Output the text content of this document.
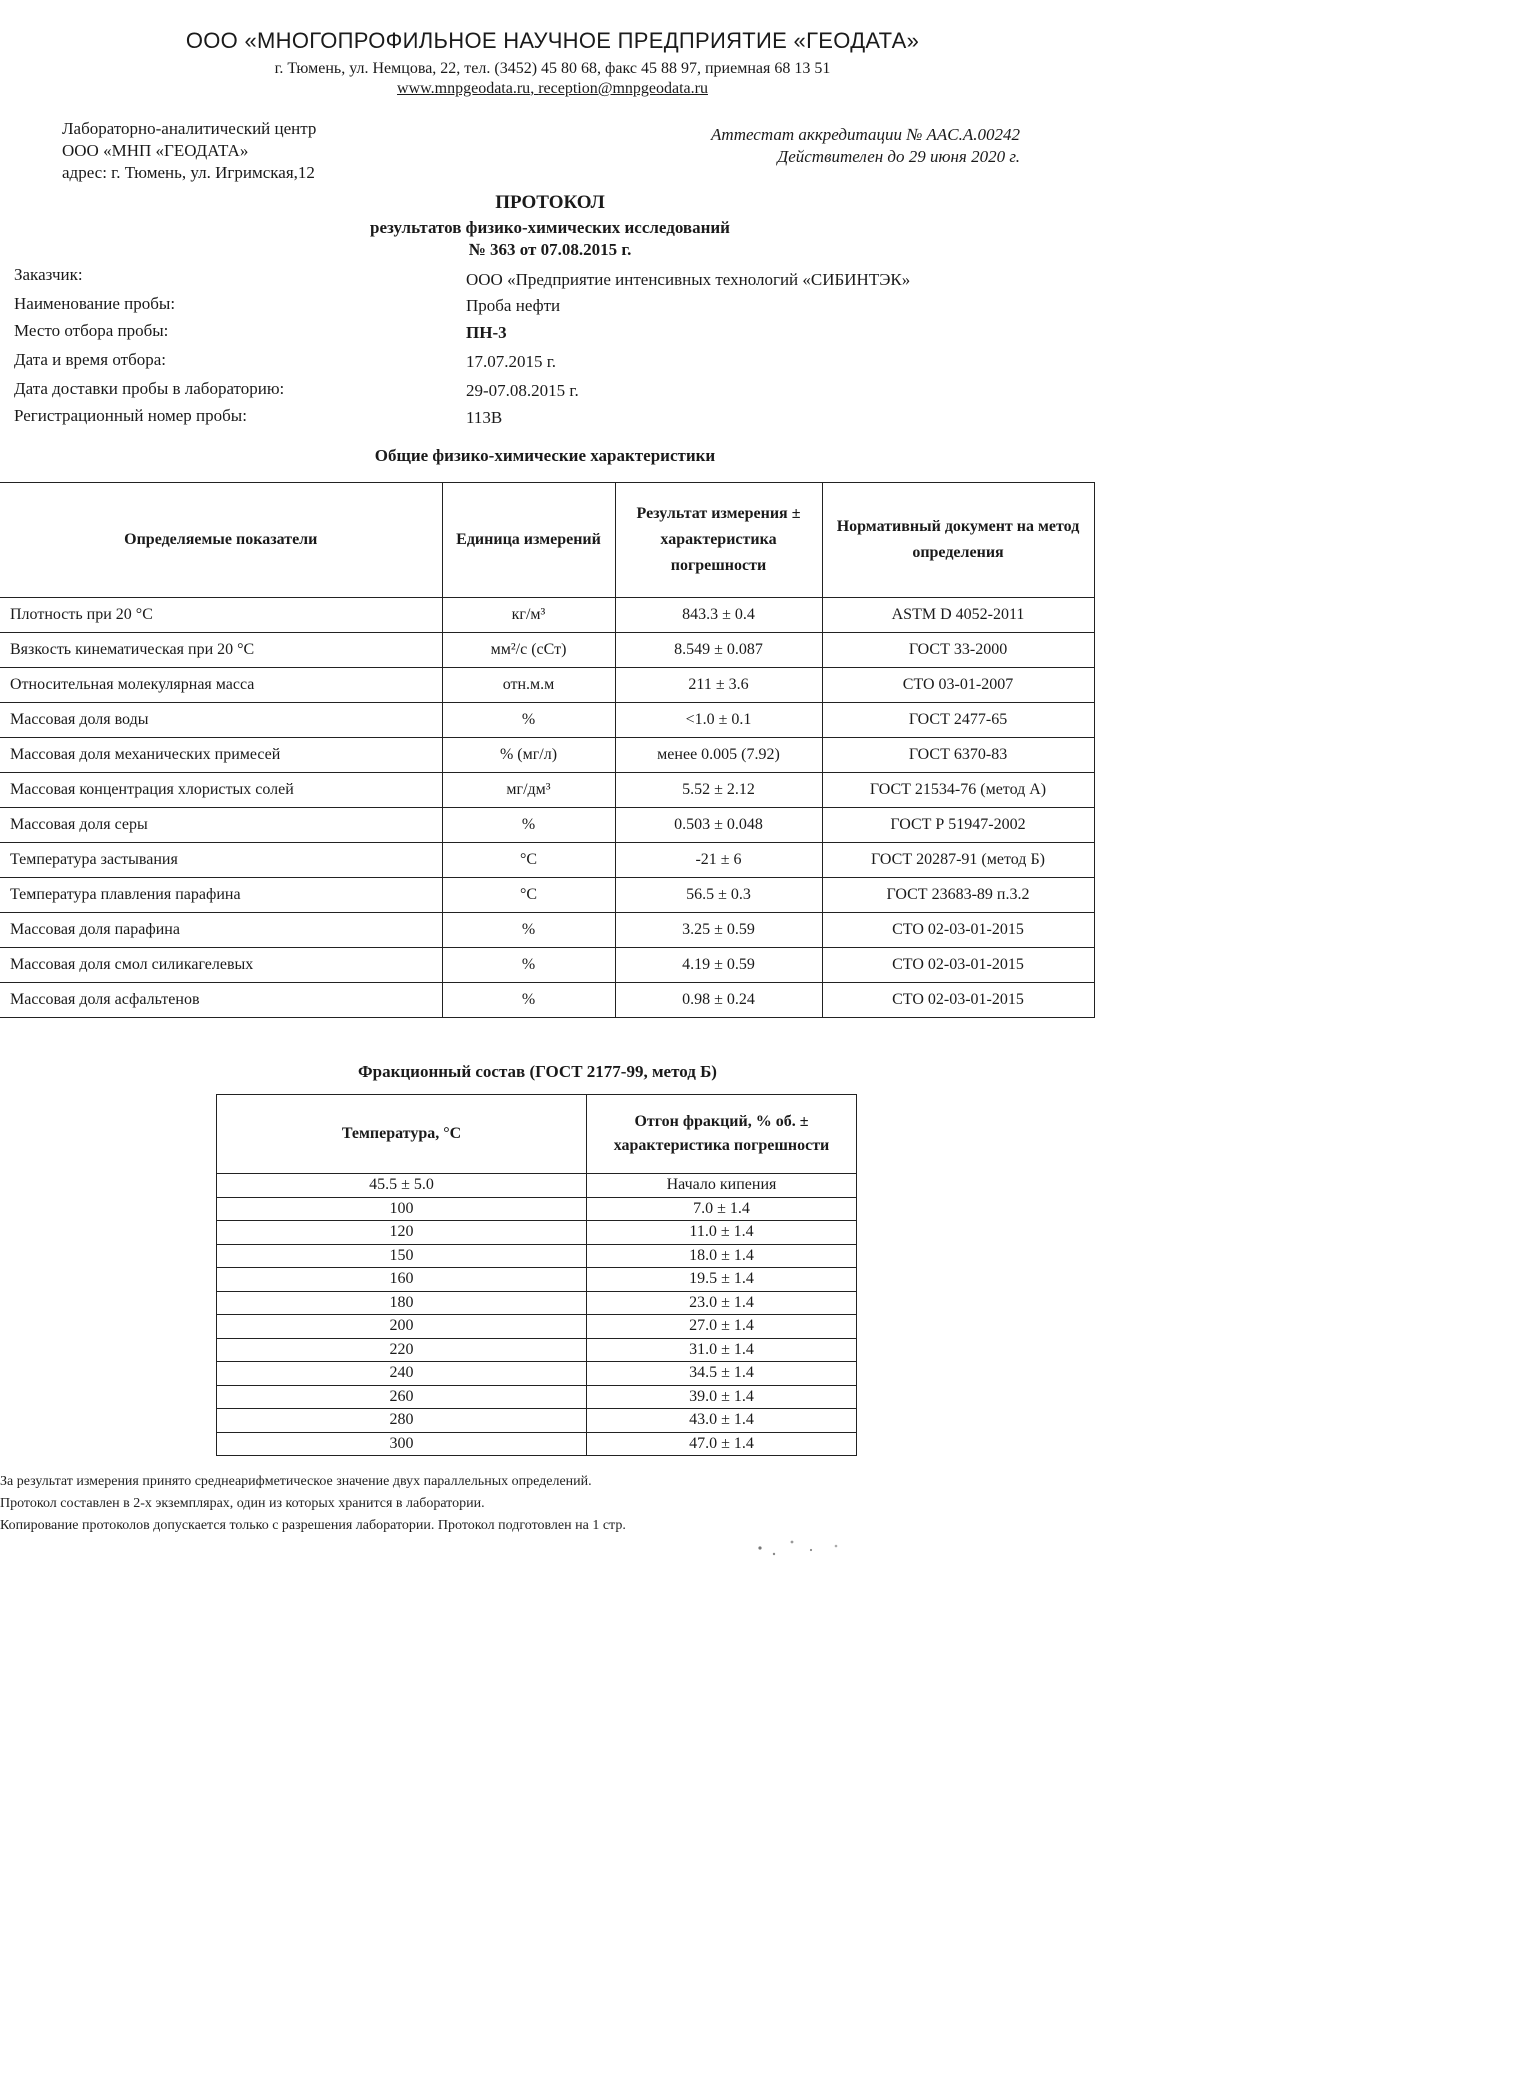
ООО «МНОГОПРОФИЛЬНОЕ НАУЧНОЕ ПРЕДПРИЯТИЕ «ГЕОДАТА»
г. Тюмень, ул. Немцова, 22, тел. (3452) 45 80 68, факс 45 88 97, приемная 68 13 51
www.mnpgeodata.ru, reception@mnpgeodata.ru
Лабораторно-аналитический центр
ООО «МНП «ГЕОДАТА»
адрес: г. Тюмень, ул. Игримская,12
Аттестат аккредитации № AAC.A.00242
Действителен до 29 июня 2020 г.
ПРОТОКОЛ
результатов физико-химических исследований
№ 363 от 07.08.2015 г.
Заказчик:	ООО «Предприятие интенсивных технологий «СИБИНТЭК»
Наименование пробы:	Проба нефти
Место отбора пробы:	ПН-3
Дата и время отбора:	17.07.2015 г.
Дата доставки пробы в лабораторию:	29-07.08.2015 г.
Регистрационный номер пробы:	113В
Общие физико-химические характеристики
Определяемые показатели	Единица измерений	Результат измерения ± характеристика погрешности	Нормативный документ на метод определения
Плотность при 20 °С	кг/м³	843.3 ± 0.4	ASTM D 4052-2011
Вязкость кинематическая при 20 °С	мм²/с (сСт)	8.549 ± 0.087	ГОСТ 33-2000
Относительная молекулярная масса	отн.м.м	211 ± 3.6	СТО 03-01-2007
Массовая доля воды	%	<1.0 ± 0.1	ГОСТ 2477-65
Массовая доля механических примесей	% (мг/л)	менее 0.005 (7.92)	ГОСТ 6370-83
Массовая концентрация хлористых солей	мг/дм³	5.52 ± 2.12	ГОСТ 21534-76 (метод А)
Массовая доля серы	%	0.503 ± 0.048	ГОСТ Р 51947-2002
Температура застывания	°С	-21 ± 6	ГОСТ 20287-91 (метод Б)
Температура плавления парафина	°С	56.5 ± 0.3	ГОСТ 23683-89 п.3.2
Массовая доля парафина	%	3.25 ± 0.59	СТО 02-03-01-2015
Массовая доля смол силикагелевых	%	4.19 ± 0.59	СТО 02-03-01-2015
Массовая доля асфальтенов	%	0.98 ± 0.24	СТО 02-03-01-2015
Фракционный состав (ГОСТ 2177-99, метод Б)
Температура, °С	Отгон фракций, % об. ± характеристика погрешности
45.5 ± 5.0	Начало кипения
100	7.0 ± 1.4
120	11.0 ± 1.4
150	18.0 ± 1.4
160	19.5 ± 1.4
180	23.0 ± 1.4
200	27.0 ± 1.4
220	31.0 ± 1.4
240	34.5 ± 1.4
260	39.0 ± 1.4
280	43.0 ± 1.4
300	47.0 ± 1.4
За результат измерения принято среднеарифметическое значение двух параллельных определений.
Протокол составлен в 2-х экземплярах, один из которых хранится в лаборатории.
Копирование протоколов допускается только с разрешения лаборатории. Протокол подготовлен на 1 стр.
